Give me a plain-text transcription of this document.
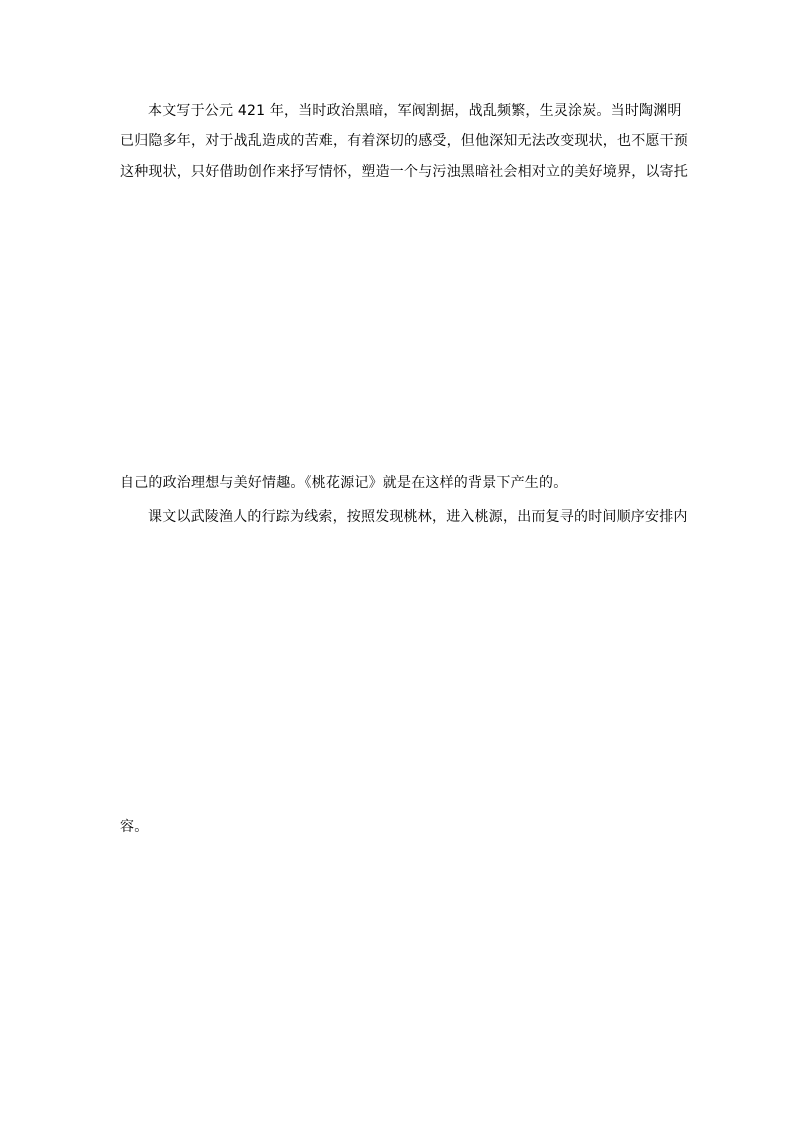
本文写于公元 421 年，当时政治黑暗，军阀割据，战乱频繁，生灵涂炭。当时陶渊明
已归隐多年，对于战乱造成的苦难，有着深切的感受，但他深知无法改变现状，也不愿干预
这种现状，只好借助创作来抒写情怀，塑造一个与污浊黑暗社会相对立的美好境界，以寄托
自己的政治理想与美好情趣。《桃花源记》就是在这样的背景下产生的。
课文以武陵渔人的行踪为线索，按照发现桃林，进入桃源，出而复寻的时间顺序安排内
容。
